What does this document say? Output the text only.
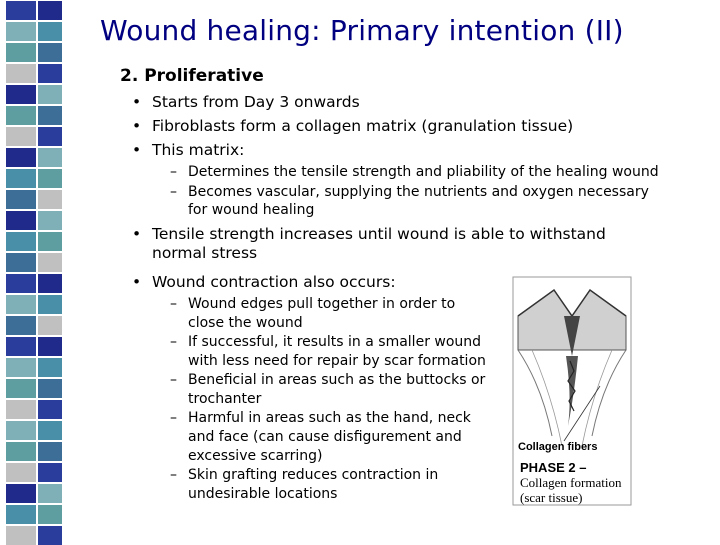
Wound healing: Primary intention (II)
2. Proliferative
• Starts from Day 3 onwards
• Fibroblasts form a collagen matrix (granulation tissue)
• This matrix:
– Determines the tensile strength and pliability of the healing wound
– Becomes vascular, supplying the nutrients and oxygen necessary
for wound healing
• Tensile strength increases until wound is able to withstand
normal stress
• Wound contraction also occurs:
– Wound edges pull together in order to
close the wound
– If successful, it results in a smaller wound
with less need for repair by scar formation
– Beneficial in areas such as the buttocks or
trochanter
– Harmful in areas such as the hand, neck
and face (can cause disfigurement and
excessive scarring)
– Skin grafting reduces contraction in
undesirable locations
Collagen fibers
PHASE 2 –
Collagen formation
(scar tissue)
